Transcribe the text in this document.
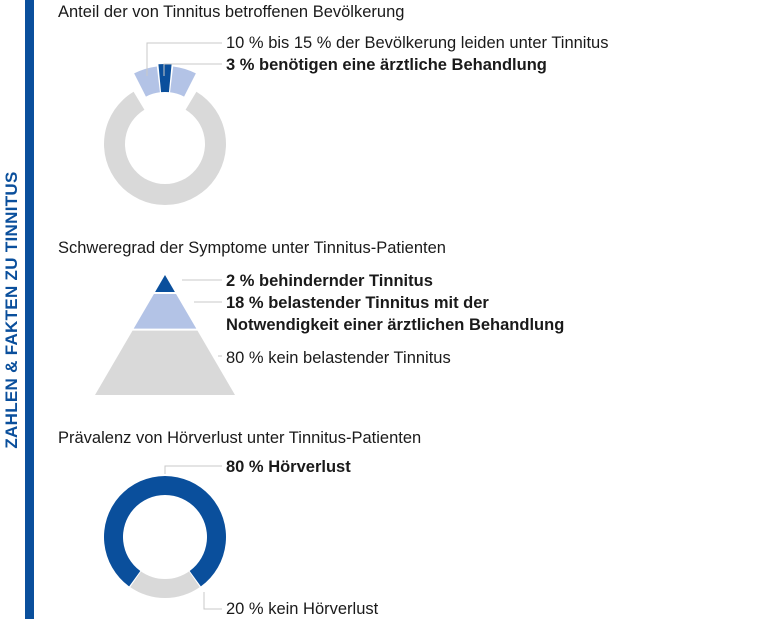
ZAHLEN & FAKTEN ZU TINNITUS
Anteil der von Tinnitus betroffenen Bevölkerung
10 % bis 15 % der Bevölkerung leiden unter Tinnitus
3 % benötigen eine ärztliche Behandlung
Schweregrad der Symptome unter Tinnitus-Patienten
2 % behindernder Tinnitus
18 % belastender Tinnitus mit der
Notwendigkeit einer ärztlichen Behandlung
80 % kein belastender Tinnitus
Prävalenz von Hörverlust unter Tinnitus-Patienten
80 % Hörverlust
20 % kein Hörverlust
